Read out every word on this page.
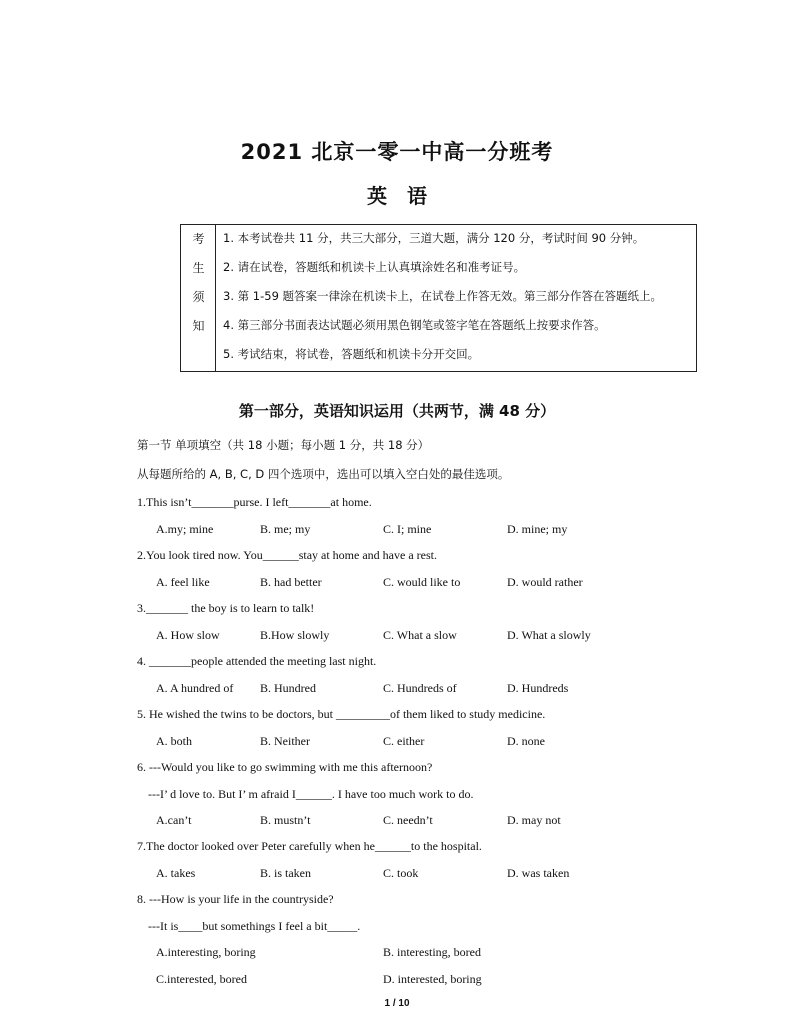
2021 北京一零一中高一分班考
英　语
考
生
须
知
1. 本考试卷共 11 分，共三大部分，三道大题，满分 120 分，考试时间 90 分钟。
2. 请在试卷，答题纸和机读卡上认真填涂姓名和准考证号。
3. 第 1-59 题答案一律涂在机读卡上，在试卷上作答无效。第三部分作答在答题纸上。
4. 第三部分书面表达试题必须用黑色钢笔或签字笔在答题纸上按要求作答。
5. 考试结束，将试卷，答题纸和机读卡分开交回。
第一部分，英语知识运用（共两节，满 48 分）
第一节 单项填空（共 18 小题；每小题 1 分，共 18 分）
从每题所给的 A, B, C, D 四个选项中，选出可以填入空白处的最佳选项。
1.This isn’t_______purse. I left_______at home.
A.my; mine	B. me; my	C. I; mine	D. mine; my
2.You look tired now. You______stay at home and have a rest.
A. feel like	B. had better	C. would like to	D. would rather
3._______ the boy is to learn to talk!
A. How slow	B.How slowly	C. What a slow	D. What a slowly
4. _______people attended the meeting last night.
A. A hundred of B. Hundred	C. Hundreds of	D. Hundreds
5. He wished the twins to be doctors, but _________of them liked to study medicine.
A. both	B. Neither	C. either	D. none
6. ---Would you like to go swimming with me this afternoon?
---I’ d love to. But I’ m afraid I______. I have too much work to do.
A.can’t	B. mustn’t	C. needn’t	D. may not
7.The doctor looked over Peter carefully when he______to the hospital.
A. takes	B. is taken	C. took	D. was taken
8. ---How is your life in the countryside?
---It is____but somethings I feel a bit_____.
A.interesting, boring	B. interesting, bored
C.interested, bored	D. interested, boring
1 / 10
